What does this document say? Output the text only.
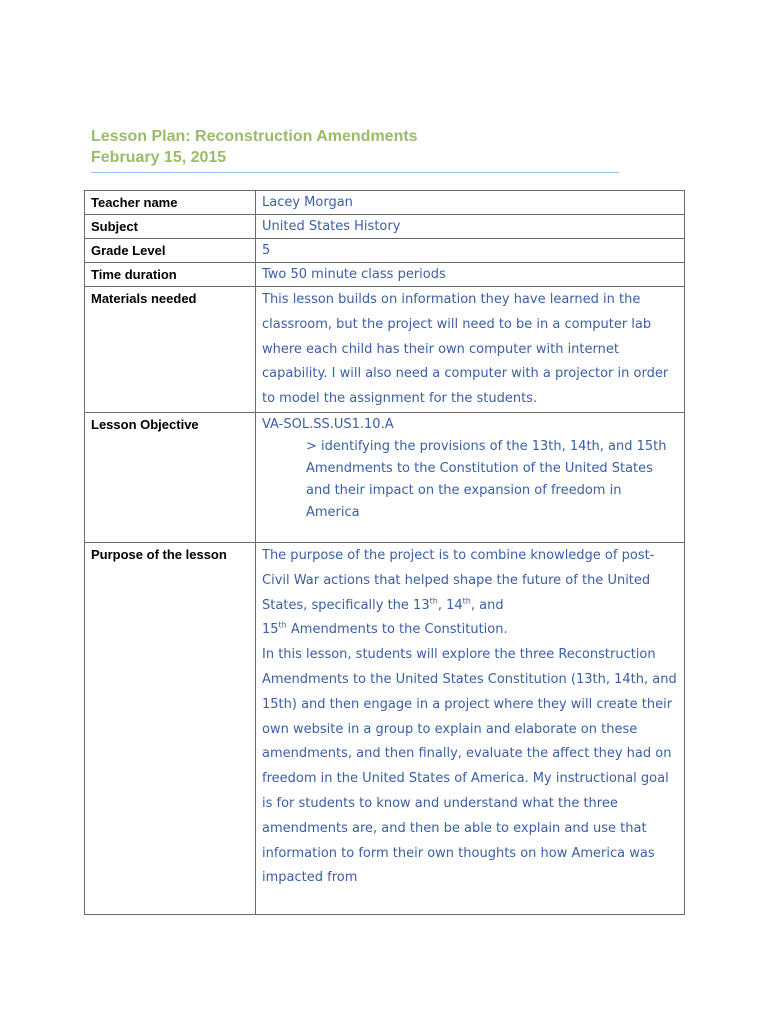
Lesson Plan: Reconstruction Amendments
February 15, 2015
Teacher name	Lacey Morgan
Subject	United States History
Grade Level	5
Time duration	Two 50 minute class periods
Materials needed	This lesson builds on information they have learned in the classroom, but the project will need to be in a computer lab where each child has their own computer with internet capability. I will also need a computer with a projector in order to model the assignment for the students.
Lesson Objective	VA-SOL.SS.US1.10.A
> identifying the provisions of the 13th, 14th, and 15th Amendments to the Constitution of the United States and their impact on the expansion of freedom in America

Purpose of the lesson	The purpose of the project is to combine knowledge of post-Civil War actions that helped shape the future of the United States, specifically the 13th, 14th, and
15th Amendments to the Constitution.
In this lesson, students will explore the three Reconstruction Amendments to the United States Constitution (13th, 14th, and 15th) and then engage in a project where they will create their own website in a group to explain and elaborate on these amendments, and then finally, evaluate the affect they had on freedom in the United States of America. My instructional goal is for students to know and understand what the three amendments are, and then be able to explain and use that information to form their own thoughts on how America was impacted from
